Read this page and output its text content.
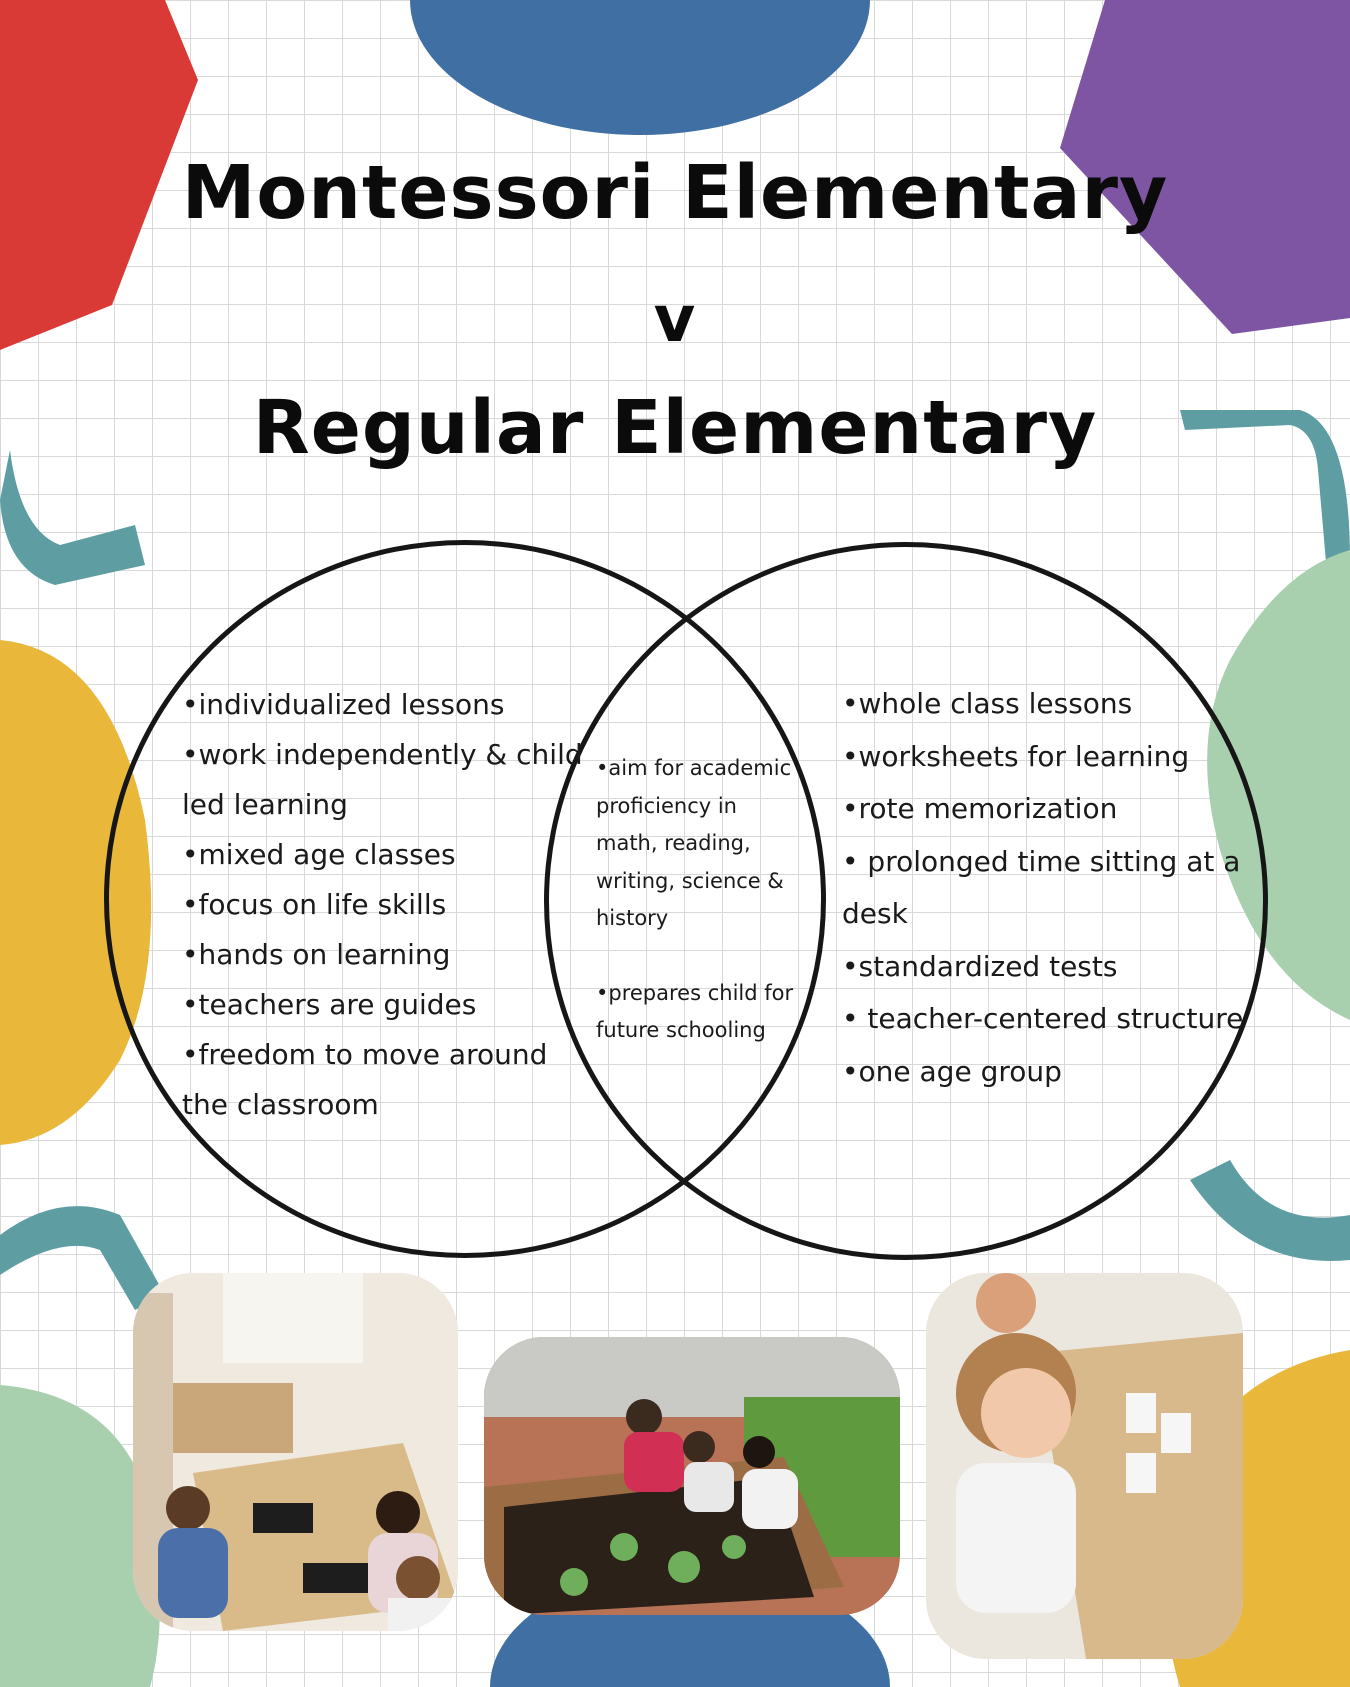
Montessori Elementary
v
Regular Elementary
•individualized lessons
•work independently & child led learning
•mixed age classes
•focus on life skills
•hands on learning
•teachers are guides
•freedom to move around the classroom
•aim for academic proficiency in math, reading, writing, science & history
•prepares child for future schooling
•whole class lessons
•worksheets for learning
•rote memorization
• prolonged time sitting at a desk
•standardized tests
• teacher-centered structure
•one age group
